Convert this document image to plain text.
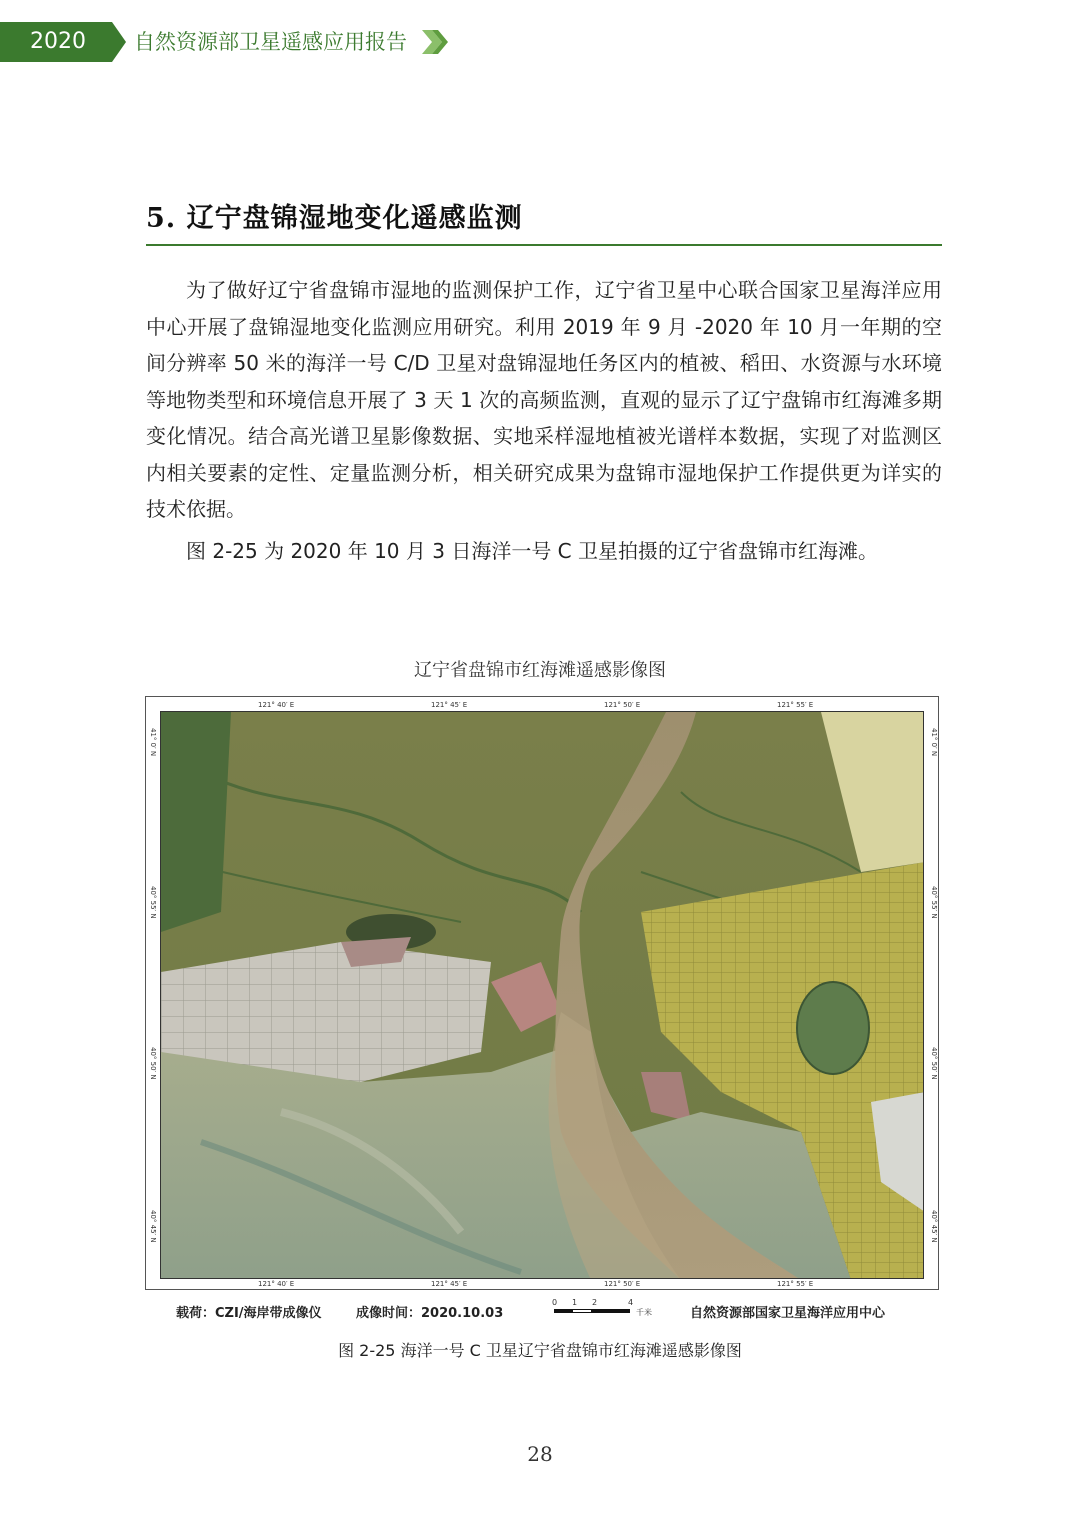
2020 年
自然资源部卫星遥感应用报告
5. 辽宁盘锦湿地变化遥感监测

为了做好辽宁省盘锦市湿地的监测保护工作，辽宁省卫星中心联合国家卫星海洋应用中心开展了盘锦湿地变化监测应用研究。利用 2019 年 9 月 -2020 年 10 月一年期的空间分辨率 50 米的海洋一号 C/D 卫星对盘锦湿地任务区内的植被、稻田、水资源与水环境等地物类型和环境信息开展了 3 天 1 次的高频监测，直观的显示了辽宁盘锦市红海滩多期变化情况。结合高光谱卫星影像数据、实地采样湿地植被光谱样本数据，实现了对监测区内相关要素的定性、定量监测分析，相关研究成果为盘锦市湿地保护工作提供更为详实的技术依据。

图 2-25 为 2020 年 10 月 3 日海洋一号 C 卫星拍摄的辽宁省盘锦市红海滩。

辽宁省盘锦市红海滩遥感影像图
121° 40′ E	121° 45′ E	121° 50′ E	121° 55′ E
121° 40′ E	121° 45′ E	121° 50′ E	121° 55′ E
41° 0′ N
40° 55′ N
40° 50′ N
40° 45′ N
41° 0′ N
40° 55′ N
40° 50′ N
40° 45′ N
载荷：CZI/海岸带成像仪	成像时间：2020.10.03
0 1 2	4
千米	自然资源部国家卫星海洋应用中心
图 2-25 海洋一号 C 卫星辽宁省盘锦市红海滩遥感影像图
28
